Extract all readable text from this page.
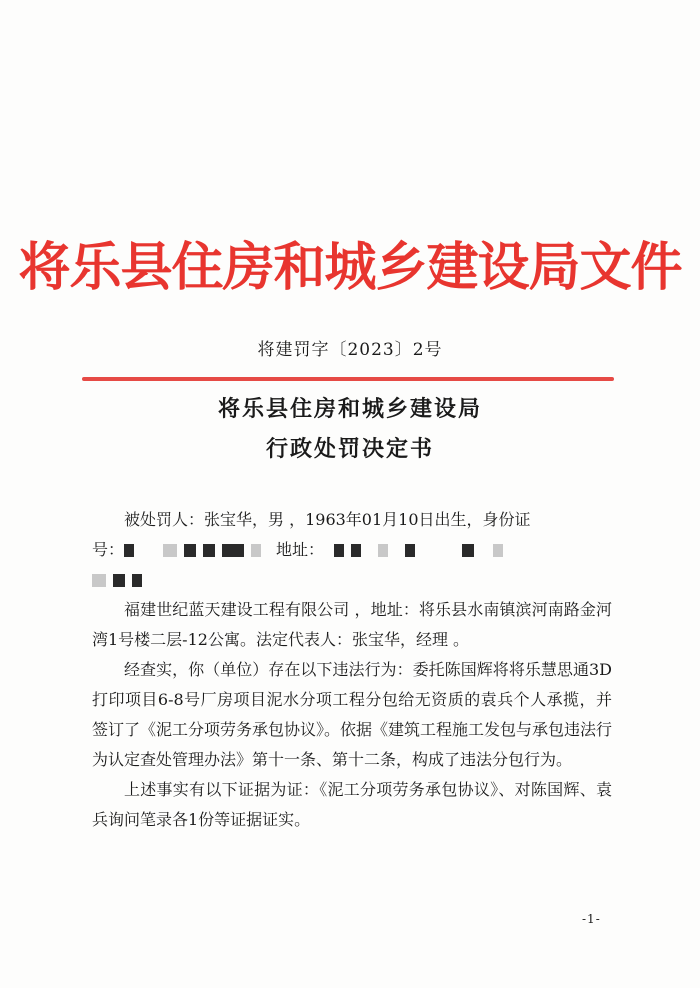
将乐县住房和城乡建设局文件
将建罚字〔2023〕2号
将乐县住房和城乡建设局
行政处罚决定书

被处罚人：张宝华，男 ，1963年01月10日出生，身份证

号：	地址：

福建世纪蓝天建设工程有限公司 ，地址：将乐县水南镇滨河南路金河湾1号楼二层-12公寓。法定代表人：张宝华，经理 。

经查实，你（单位）存在以下违法行为：委托陈国辉将将乐慧思通3D打印项目6-8号厂房项目泥水分项工程分包给无资质的袁兵个人承揽，并签订了《泥工分项劳务承包协议》。依据《建筑工程施工发包与承包违法行为认定查处管理办法》第十一条、第十二条，构成了违法分包行为。

上述事实有以下证据为证：《泥工分项劳务承包协议》、对陈国辉、袁兵询问笔录各1份等证据证实。

-1-
